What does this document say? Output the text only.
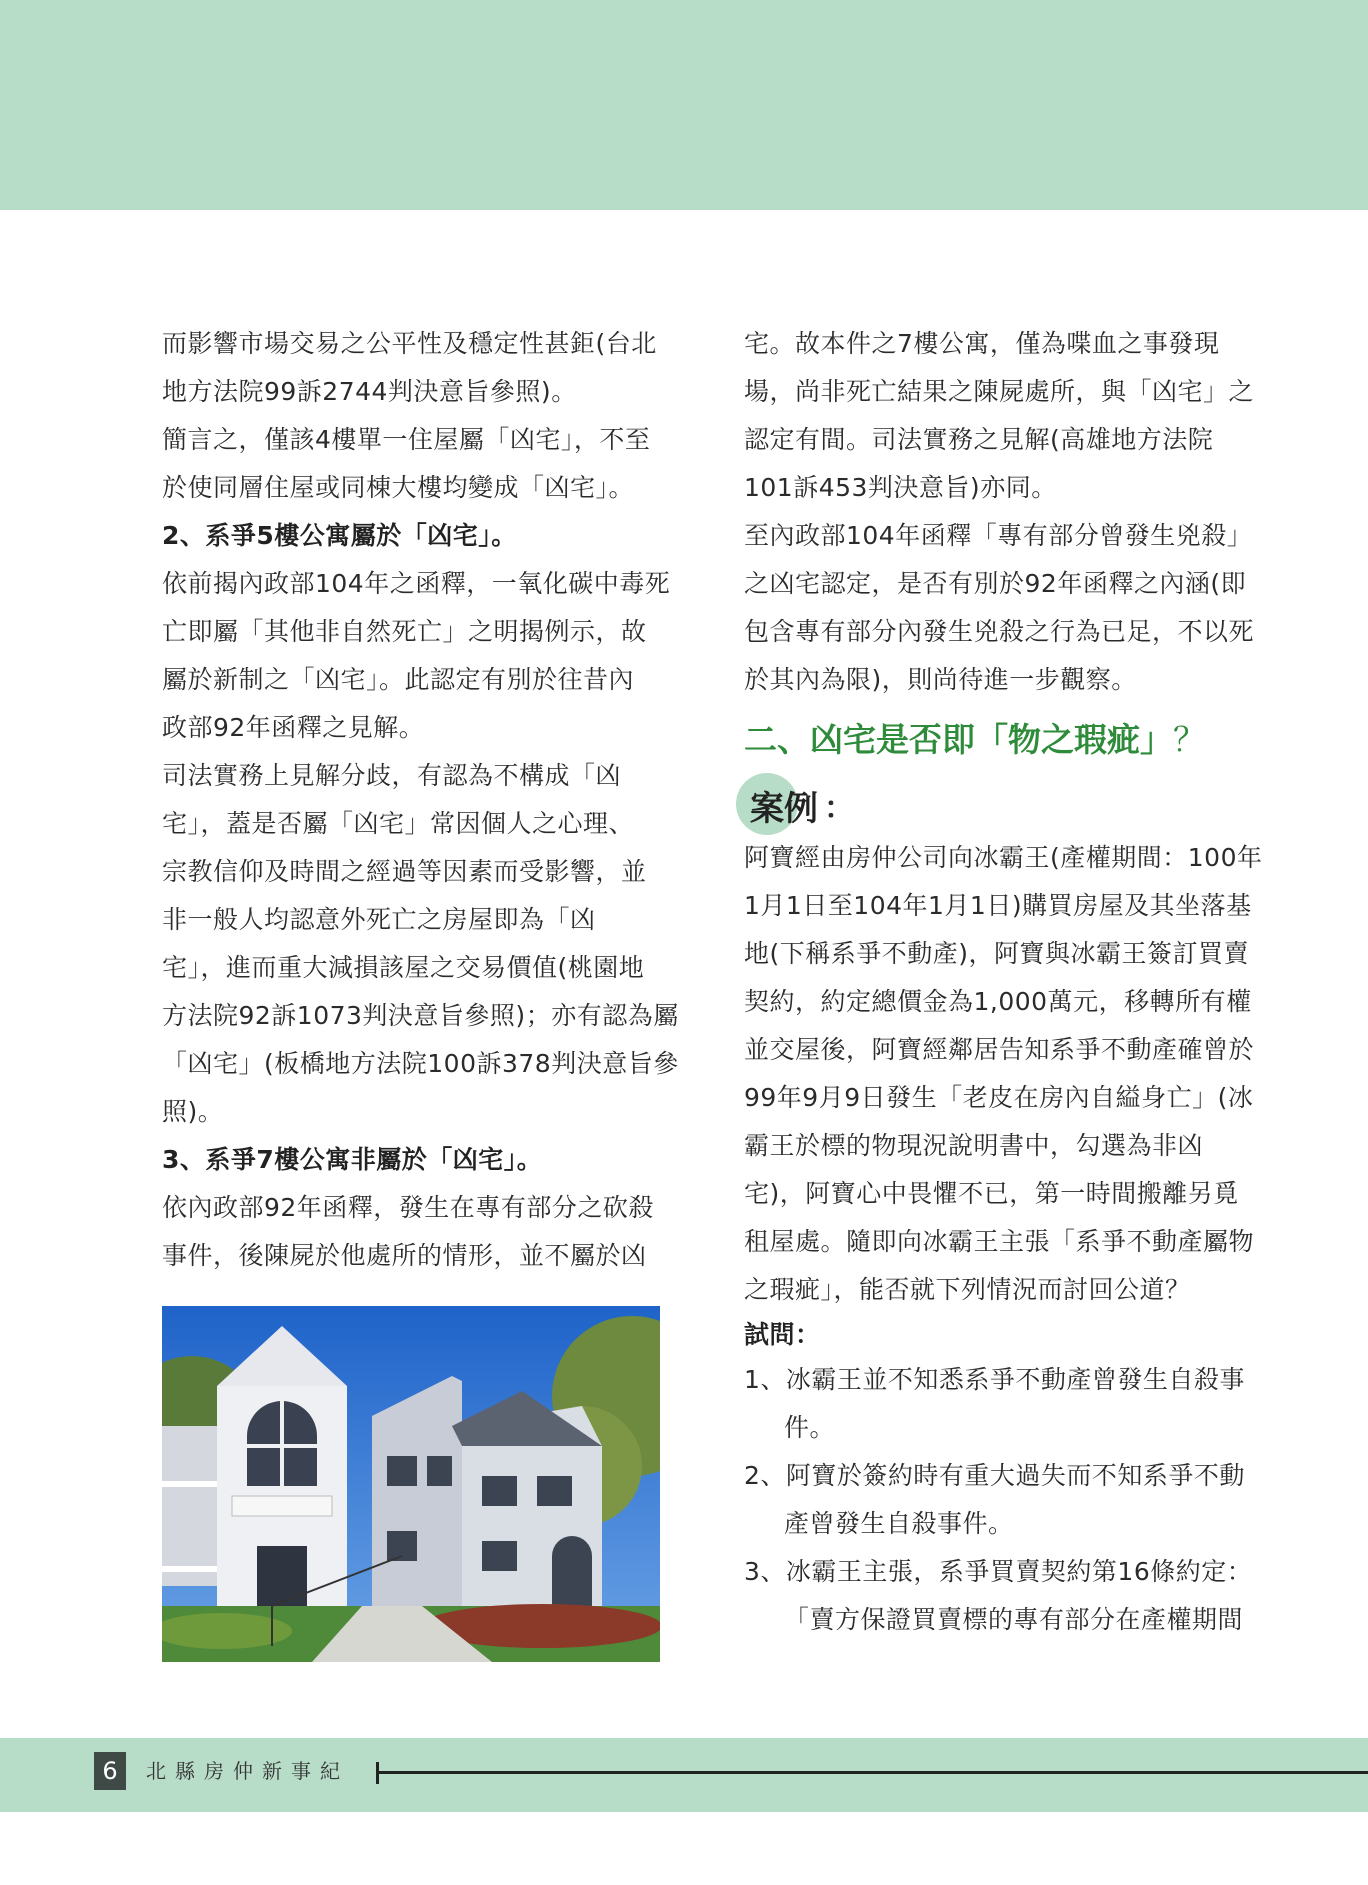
而影響市場交易之公平性及穩定性甚鉅(台北
地方法院99訴2744判決意旨參照)。
簡言之，僅該4樓單一住屋屬「凶宅」，不至
於使同層住屋或同棟大樓均變成「凶宅」。
2、系爭5樓公寓屬於「凶宅」。
依前揭內政部104年之函釋，一氧化碳中毒死
亡即屬「其他非自然死亡」之明揭例示，故
屬於新制之「凶宅」。此認定有別於往昔內
政部92年函釋之見解。
司法實務上見解分歧，有認為不構成「凶
宅」，蓋是否屬「凶宅」常因個人之心理、
宗教信仰及時間之經過等因素而受影響，並
非一般人均認意外死亡之房屋即為「凶
宅」，進而重大減損該屋之交易價值(桃園地
方法院92訴1073判決意旨參照)；亦有認為屬
「凶宅」(板橋地方法院100訴378判決意旨參
照)。
3、系爭7樓公寓非屬於「凶宅」。
依內政部92年函釋，發生在專有部分之砍殺
事件，後陳屍於他處所的情形，並不屬於凶
宅。故本件之7樓公寓，僅為喋血之事發現
場，尚非死亡結果之陳屍處所，與「凶宅」之
認定有間。司法實務之見解(高雄地方法院
101訴453判決意旨)亦同。
至內政部104年函釋「專有部分曾發生兇殺」
之凶宅認定，是否有別於92年函釋之內涵(即
包含專有部分內發生兇殺之行為已足，不以死
於其內為限)，則尚待進一步觀察。
二、凶宅是否即「物之瑕疵」？
案例 ：
阿寶經由房仲公司向冰霸王(產權期間：100年
1月1日至104年1月1日)購買房屋及其坐落基
地(下稱系爭不動產)，阿寶與冰霸王簽訂買賣
契約，約定總價金為1,000萬元，移轉所有權
並交屋後，阿寶經鄰居告知系爭不動產確曾於
99年9月9日發生「老皮在房內自縊身亡」(冰
霸王於標的物現況說明書中，勾選為非凶
宅)，阿寶心中畏懼不已，第一時間搬離另覓
租屋處。隨即向冰霸王主張「系爭不動產屬物
之瑕疵」，能否就下列情況而討回公道？
試問：
1、冰霸王並不知悉系爭不動產曾發生自殺事
件。
2、阿寶於簽約時有重大過失而不知系爭不動
產曾發生自殺事件。
3、冰霸王主張，系爭買賣契約第16條約定：
「賣方保證買賣標的專有部分在產權期間
6	北縣房仲新事紀
